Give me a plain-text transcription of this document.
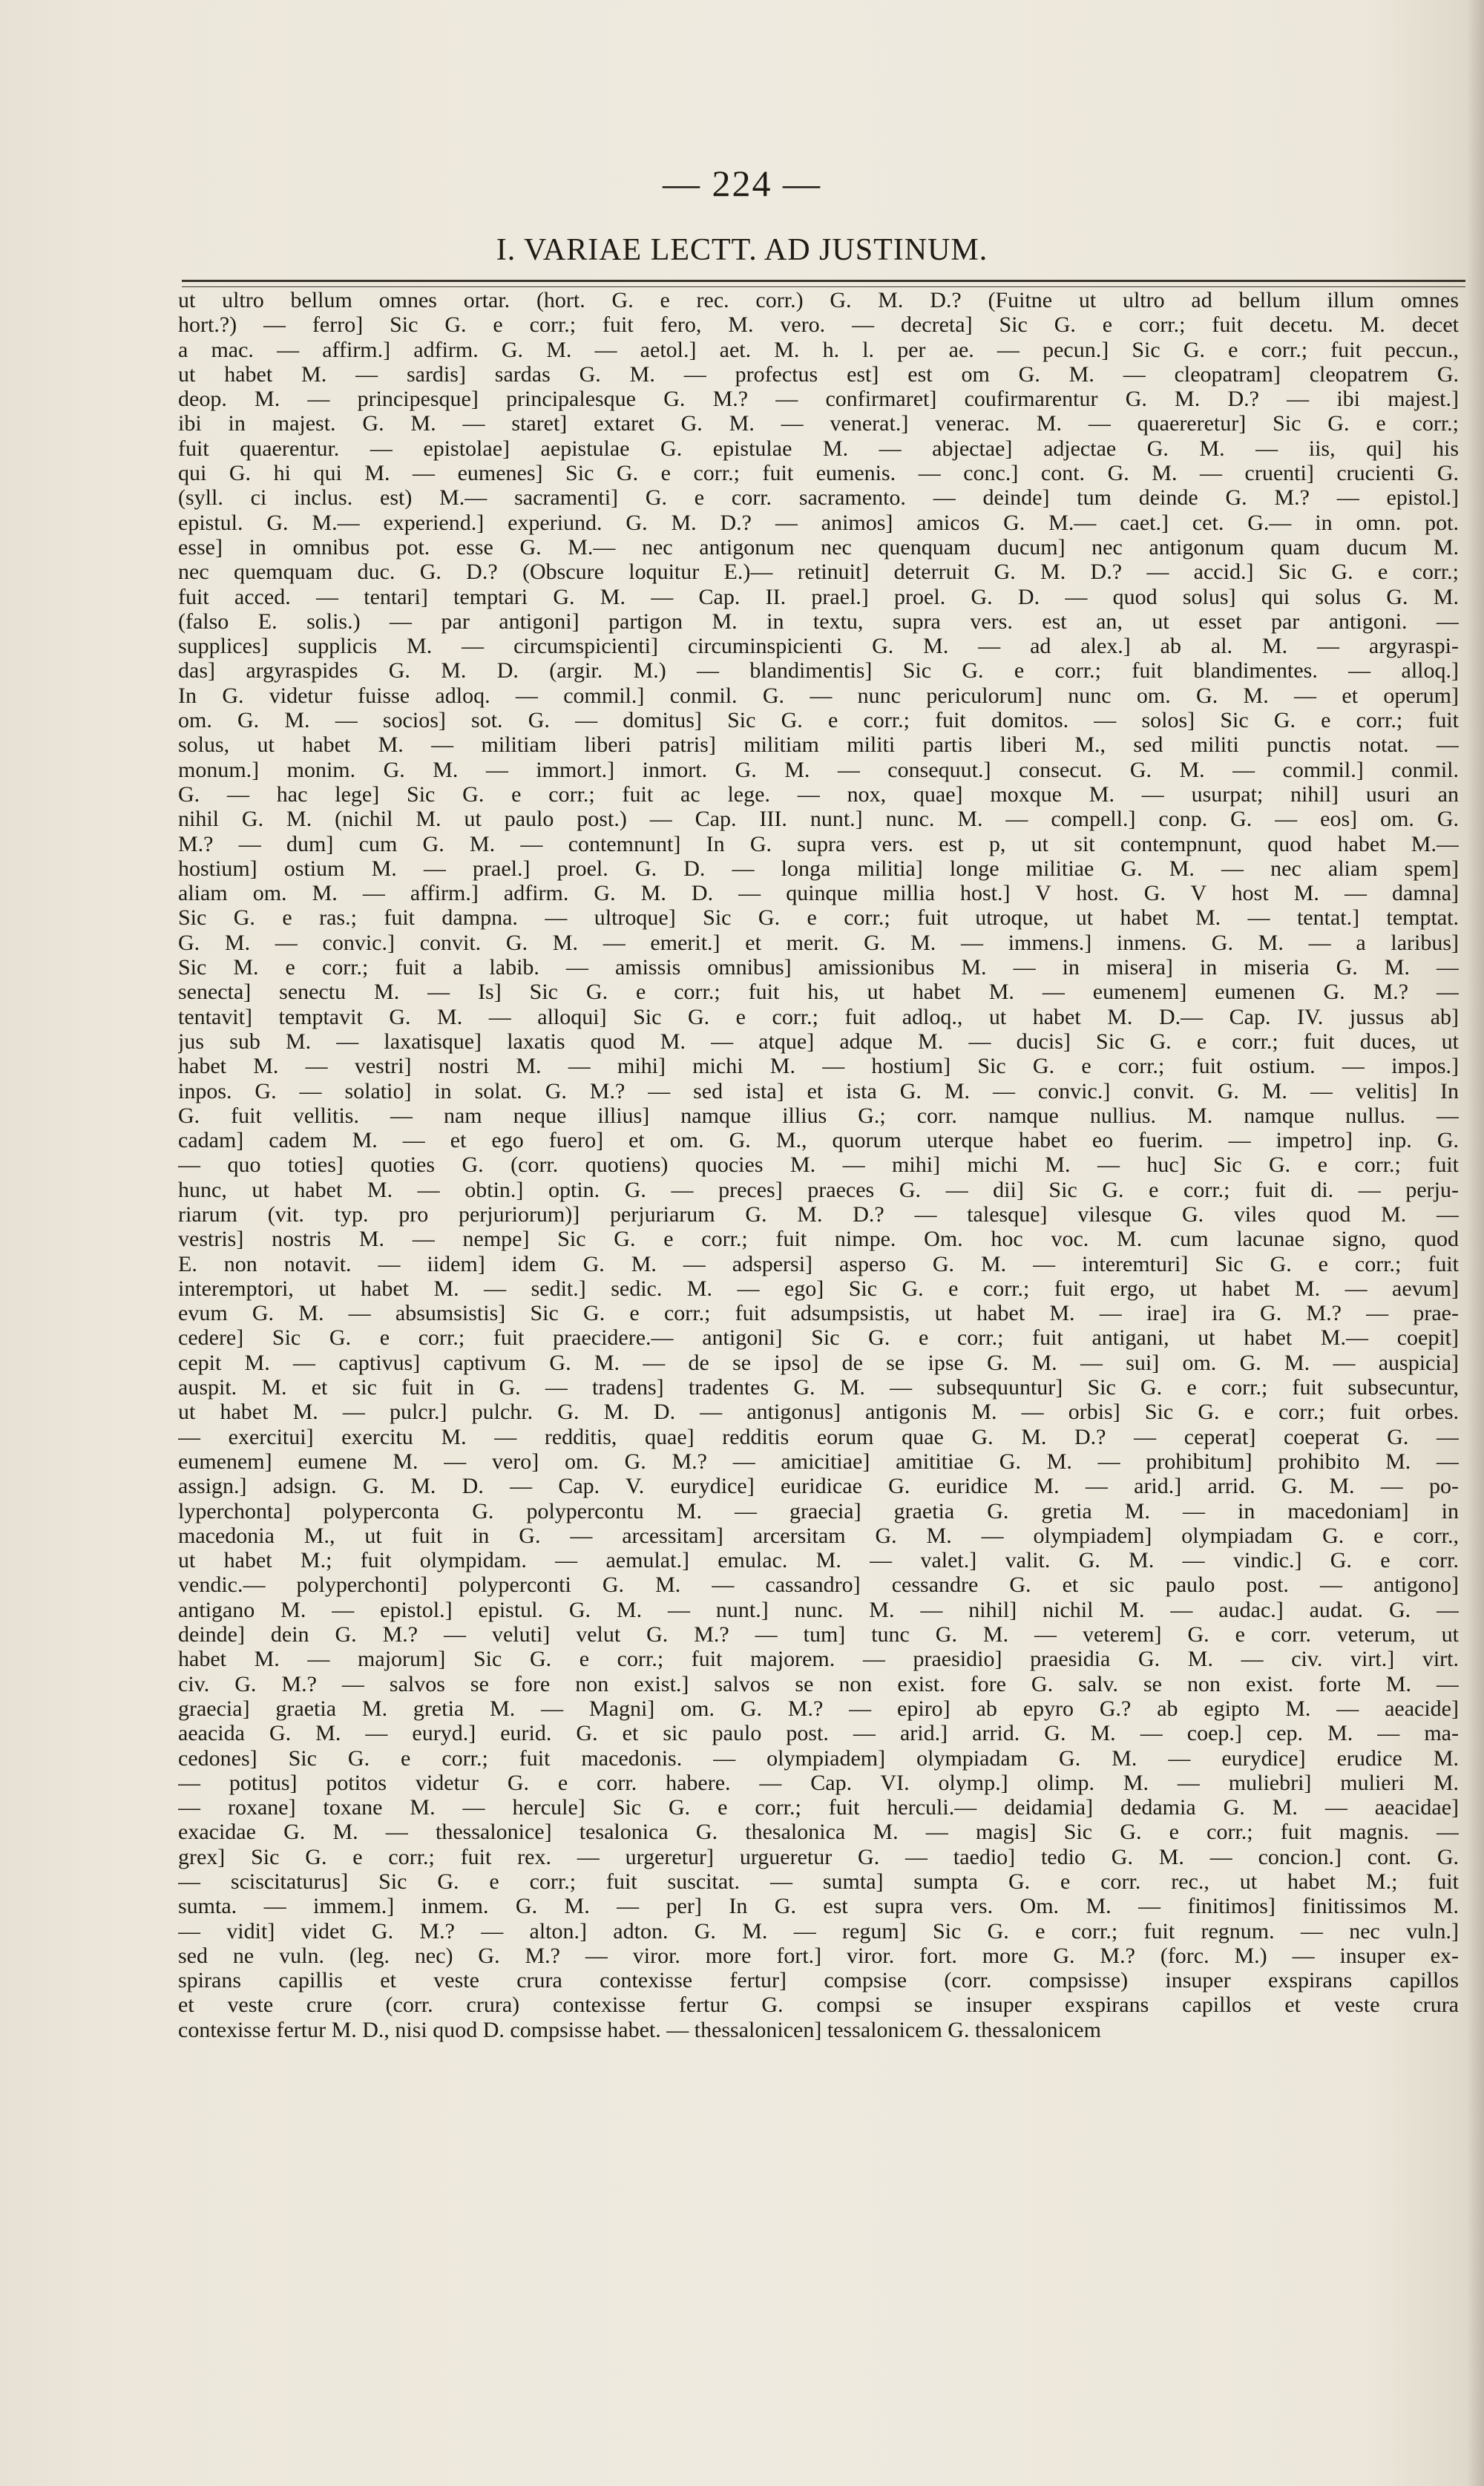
— 224 —
I. VARIAE LECTT. AD JUSTINUM.
ut ultro bellum omnes ortar. (hort. G. e rec. corr.) G. M. D.? (Fuitne ut ultro ad bellum illum omnes
hort.?) — ferro] Sic G. e corr.; fuit fero, M. vero. — decreta] Sic G. e corr.; fuit decetu. M. decet
a mac. — affirm.] adfirm. G. M. — aetol.] aet. M. h. l. per ae. — pecun.] Sic G. e corr.; fuit peccun.,
ut habet M. — sardis] sardas G. M. — profectus est] est om G. M. — cleopatram] cleopatrem G.
deop. M. — principesque] principalesque G. M.? — confirmaret] coufirmarentur G. M. D.? — ibi majest.]
ibi in majest. G. M. — staret] extaret G. M. — venerat.] venerac. M. — quaereretur] Sic G. e corr.;
fuit quaerentur. — epistolae] aepistulae G. epistulae M. — abjectae] adjectae G. M. — iis, qui] his
qui G. hi qui M. — eumenes] Sic G. e corr.; fuit eumenis. — conc.] cont. G. M. — cruenti] crucienti G.
(syll. ci inclus. est) M.— sacramenti] G. e corr. sacramento. — deinde] tum deinde G. M.? — epistol.]
epistul. G. M.— experiend.] experiund. G. M. D.? — animos] amicos G. M.— caet.] cet. G.— in omn. pot.
esse] in omnibus pot. esse G. M.— nec antigonum nec quenquam ducum] nec antigonum quam ducum M.
nec quemquam duc. G. D.? (Obscure loquitur E.)— retinuit] deterruit G. M. D.? — accid.] Sic G. e corr.;
fuit acced. — tentari] temptari G. M. — Cap. II. prael.] proel. G. D. — quod solus] qui solus G. M.
(falso E. solis.) — par antigoni] partigon M. in textu, supra vers. est an, ut esset par antigoni. —
supplices] supplicis M. — circumspicienti] circuminspicienti G. M. — ad alex.] ab al. M. — argyraspi-
das] argyraspides G. M. D. (argir. M.) — blandimentis] Sic G. e corr.; fuit blandimentes. — alloq.]
In G. videtur fuisse adloq. — commil.] conmil. G. — nunc periculorum] nunc om. G. M. — et operum]
om. G. M. — socios] sot. G. — domitus] Sic G. e corr.; fuit domitos. — solos] Sic G. e corr.; fuit
solus, ut habet M. — militiam liberi patris] militiam militi partis liberi M., sed militi punctis notat. —
monum.] monim. G. M. — immort.] inmort. G. M. — consequut.] consecut. G. M. — commil.] conmil.
G. — hac lege] Sic G. e corr.; fuit ac lege. — nox, quae] moxque M. — usurpat; nihil] usuri an
nihil G. M. (nichil M. ut paulo post.) — Cap. III. nunt.] nunc. M. — compell.] conp. G. — eos] om. G.
M.? — dum] cum G. M. — contemnunt] In G. supra vers. est p, ut sit contempnunt, quod habet M.—
hostium] ostium M. — prael.] proel. G. D. — longa militia] longe militiae G. M. — nec aliam spem]
aliam om. M. — affirm.] adfirm. G. M. D. — quinque millia host.] V host. G. V host M. — damna]
Sic G. e ras.; fuit dampna. — ultroque] Sic G. e corr.; fuit utroque, ut habet M. — tentat.] temptat.
G. M. — convic.] convit. G. M. — emerit.] et merit. G. M. — immens.] inmens. G. M. — a laribus]
Sic M. e corr.; fuit a labib. — amissis omnibus] amissionibus M. — in misera] in miseria G. M. —
senecta] senectu M. — Is] Sic G. e corr.; fuit his, ut habet M. — eumenem] eumenen G. M.? —
tentavit] temptavit G. M. — alloqui] Sic G. e corr.; fuit adloq., ut habet M. D.— Cap. IV. jussus ab]
jus sub M. — laxatisque] laxatis quod M. — atque] adque M. — ducis] Sic G. e corr.; fuit duces, ut
habet M. — vestri] nostri M. — mihi] michi M. — hostium] Sic G. e corr.; fuit ostium. — impos.]
inpos. G. — solatio] in solat. G. M.? — sed ista] et ista G. M. — convic.] convit. G. M. — velitis] In
G. fuit vellitis. — nam neque illius] namque illius G.; corr. namque nullius. M. namque nullus. —
cadam] cadem M. — et ego fuero] et om. G. M., quorum uterque habet eo fuerim. — impetro] inp. G.
— quo toties] quoties G. (corr. quotiens) quocies M. — mihi] michi M. — huc] Sic G. e corr.; fuit
hunc, ut habet M. — obtin.] optin. G. — preces] praeces G. — dii] Sic G. e corr.; fuit di. — perju-
riarum (vit. typ. pro perjuriorum)] perjuriarum G. M. D.? — talesque] vilesque G. viles quod M. —
vestris] nostris M. — nempe] Sic G. e corr.; fuit nimpe. Om. hoc voc. M. cum lacunae signo, quod
E. non notavit. — iidem] idem G. M. — adspersi] asperso G. M. — interemturi] Sic G. e corr.; fuit
interemptori, ut habet M. — sedit.] sedic. M. — ego] Sic G. e corr.; fuit ergo, ut habet M. — aevum]
evum G. M. — absumsistis] Sic G. e corr.; fuit adsumpsistis, ut habet M. — irae] ira G. M.? — prae-
cedere] Sic G. e corr.; fuit praecidere.— antigoni] Sic G. e corr.; fuit antigani, ut habet M.— coepit]
cepit M. — captivus] captivum G. M. — de se ipso] de se ipse G. M. — sui] om. G. M. — auspicia]
auspit. M. et sic fuit in G. — tradens] tradentes G. M. — subsequuntur] Sic G. e corr.; fuit subsecuntur,
ut habet M. — pulcr.] pulchr. G. M. D. — antigonus] antigonis M. — orbis] Sic G. e corr.; fuit orbes.
— exercitui] exercitu M. — redditis, quae] redditis eorum quae G. M. D.? — ceperat] coeperat G. —
eumenem] eumene M. — vero] om. G. M.? — amicitiae] amititiae G. M. — prohibitum] prohibito M. —
assign.] adsign. G. M. D. — Cap. V. eurydice] euridicae G. euridice M. — arid.] arrid. G. M. — po-
lyperchonta] polyperconta G. polypercontu M. — graecia] graetia G. gretia M. — in macedoniam] in
macedonia M., ut fuit in G. — arcessitam] arcersitam G. M. — olympiadem] olympiadam G. e corr.,
ut habet M.; fuit olympidam. — aemulat.] emulac. M. — valet.] valit. G. M. — vindic.] G. e corr.
vendic.— polyperchonti] polyperconti G. M. — cassandro] cessandre G. et sic paulo post. — antigono]
antigano M. — epistol.] epistul. G. M. — nunt.] nunc. M. — nihil] nichil M. — audac.] audat. G. —
deinde] dein G. M.? — veluti] velut G. M.? — tum] tunc G. M. — veterem] G. e corr. veterum, ut
habet M. — majorum] Sic G. e corr.; fuit majorem. — praesidio] praesidia G. M. — civ. virt.] virt.
civ. G. M.? — salvos se fore non exist.] salvos se non exist. fore G. salv. se non exist. forte M. —
graecia] graetia M. gretia M. — Magni] om. G. M.? — epiro] ab epyro G.? ab egipto M. — aeacide]
aeacida G. M. — euryd.] eurid. G. et sic paulo post. — arid.] arrid. G. M. — coep.] cep. M. — ma-
cedones] Sic G. e corr.; fuit macedonis. — olympiadem] olympiadam G. M. — eurydice] erudice M.
— potitus] potitos videtur G. e corr. habere. — Cap. VI. olymp.] olimp. M. — muliebri] mulieri M.
— roxane] toxane M. — hercule] Sic G. e corr.; fuit herculi.— deidamia] dedamia G. M. — aeacidae]
exacidae G. M. — thessalonice] tesalonica G. thesalonica M. — magis] Sic G. e corr.; fuit magnis. —
grex] Sic G. e corr.; fuit rex. — urgeretur] urgueretur G. — taedio] tedio G. M. — concion.] cont. G.
— sciscitaturus] Sic G. e corr.; fuit suscitat. — sumta] sumpta G. e corr. rec., ut habet M.; fuit
sumta. — immem.] inmem. G. M. — per] In G. est supra vers. Om. M. — finitimos] finitissimos M.
— vidit] videt G. M.? — alton.] adton. G. M. — regum] Sic G. e corr.; fuit regnum. — nec vuln.]
sed ne vuln. (leg. nec) G. M.? — viror. more fort.] viror. fort. more G. M.? (forc. M.) — insuper ex-
spirans capillis et veste crura contexisse fertur] compsise (corr. compsisse) insuper exspirans capillos
et veste crure (corr. crura) contexisse fertur G. compsi se insuper exspirans capillos et veste crura
contexisse fertur M. D., nisi quod D. compsisse habet. — thessalonicen] tessalonicem G. thessalonicem
